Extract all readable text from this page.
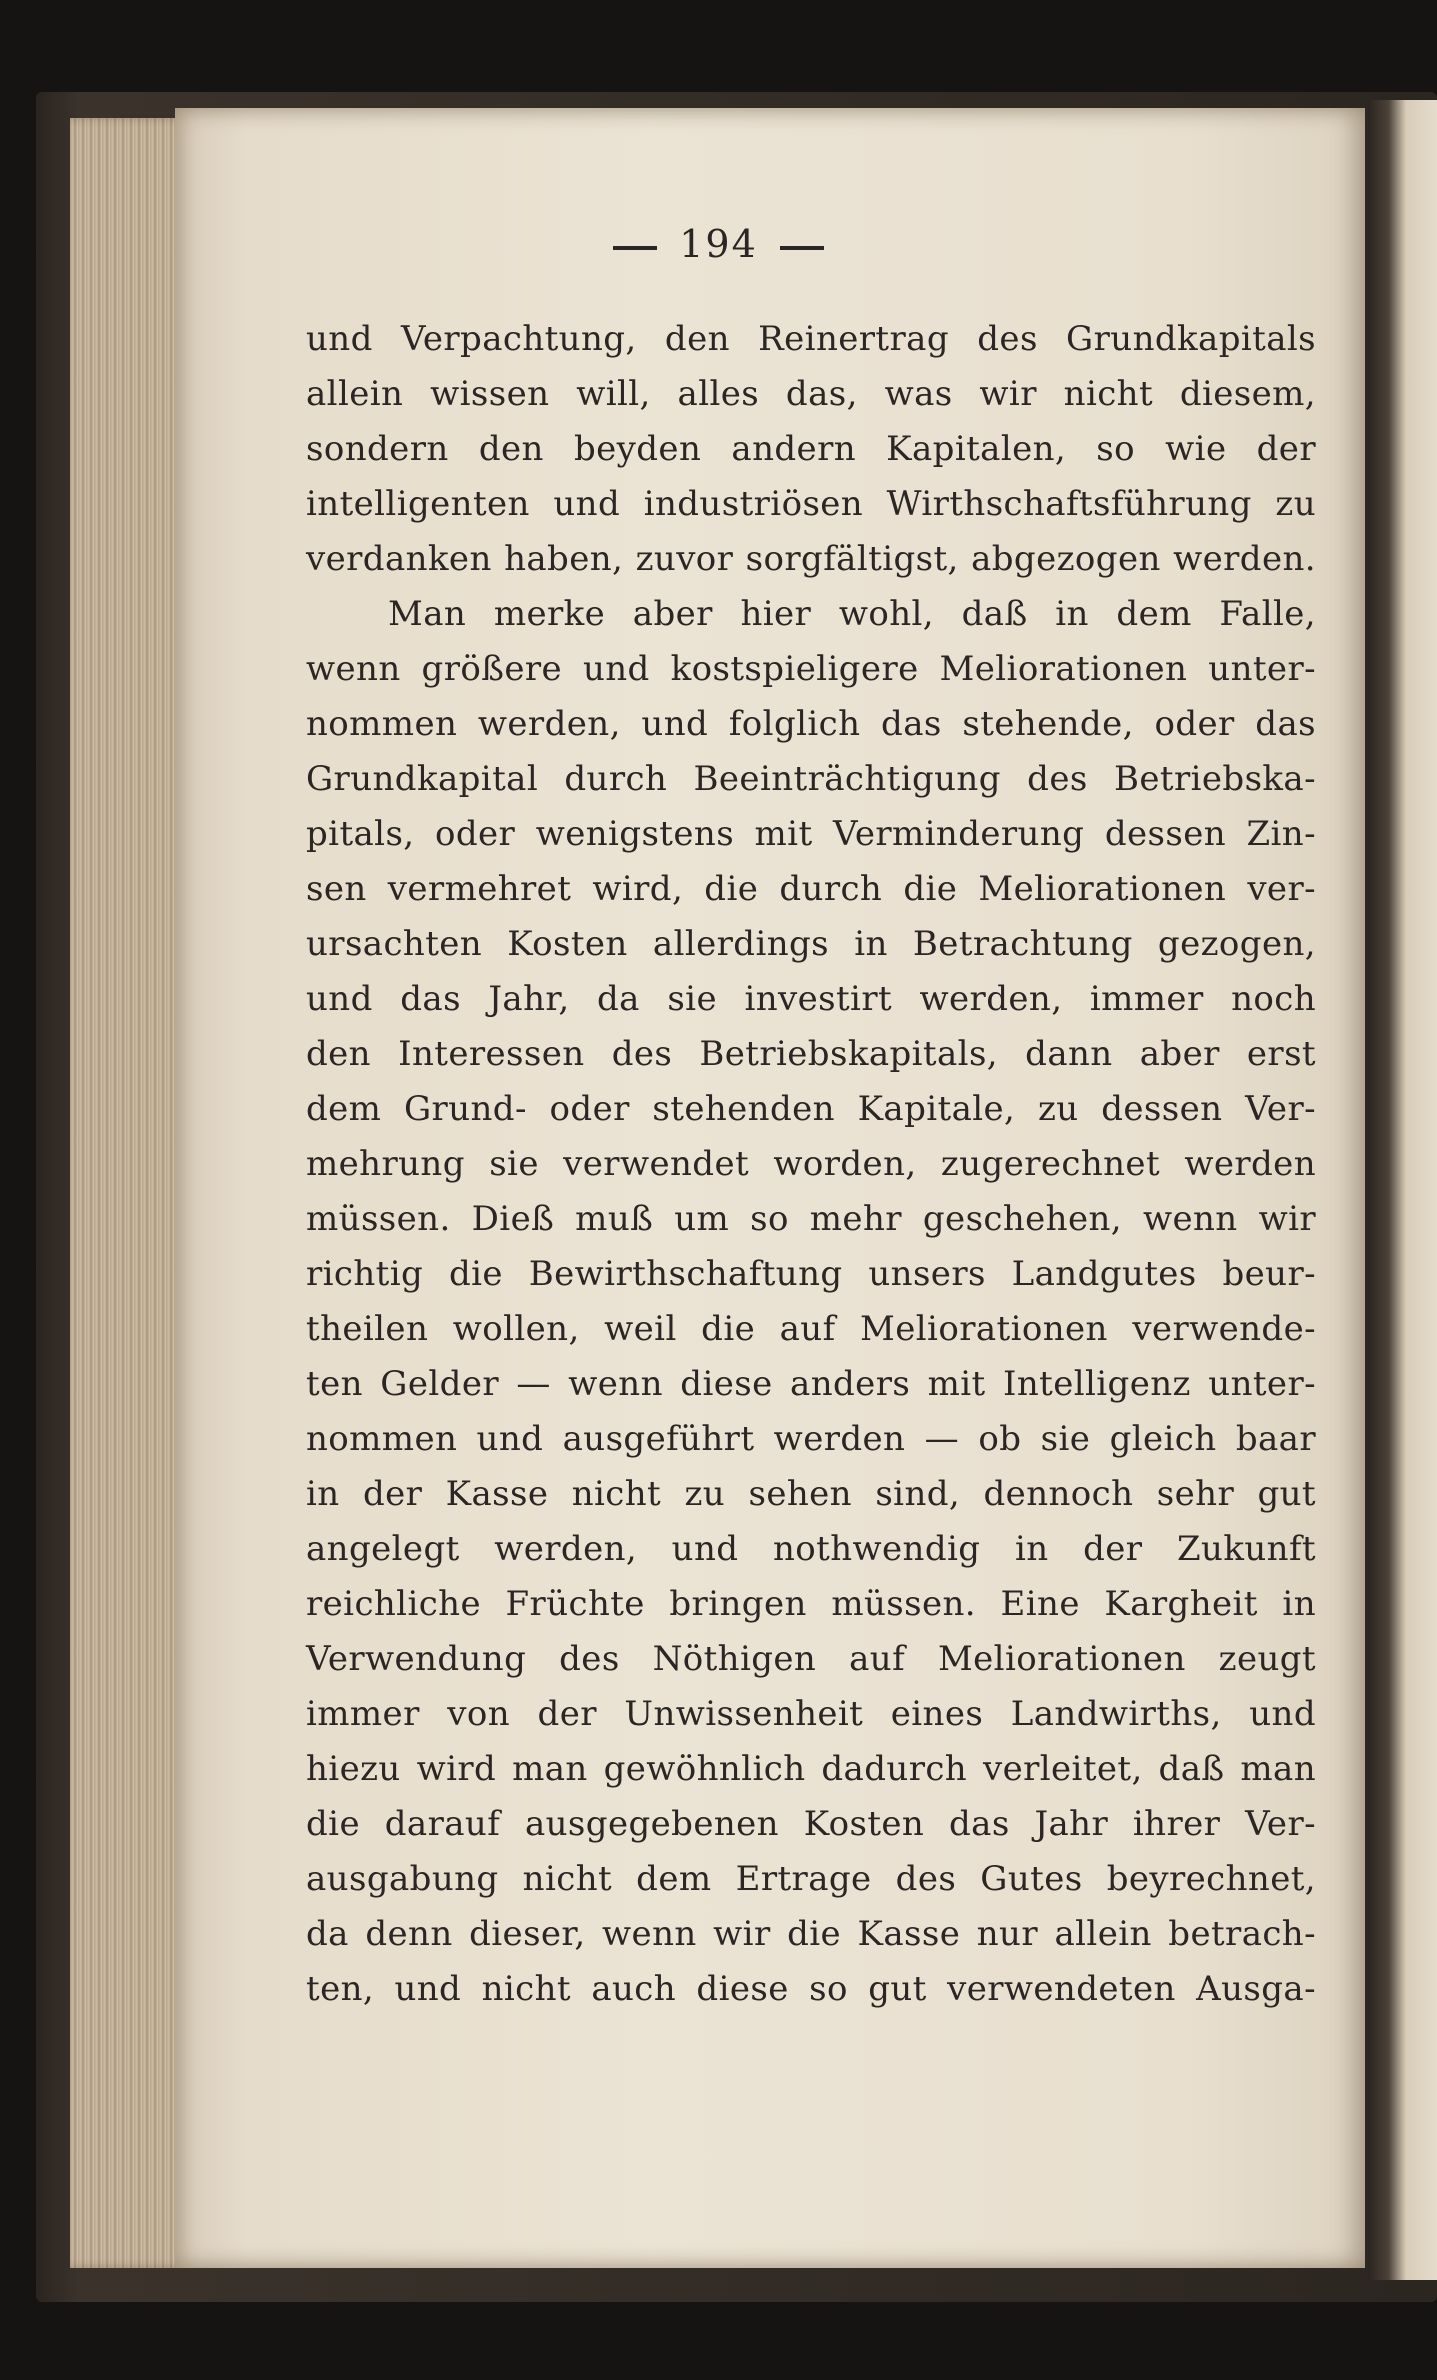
194
und Verpachtung, den Reinertrag des Grundkapitals
allein wissen will, alles das, was wir nicht diesem,
sondern den beyden andern Kapitalen, so wie der
intelligenten und industriösen Wirthschaftsführung zu
verdanken haben, zuvor sorgfältigst, abgezogen werden.
Man merke aber hier wohl, daß in dem Falle,
wenn größere und kostspieligere Meliorationen unter-
nommen werden, und folglich das stehende, oder das
Grundkapital durch Beeinträchtigung des Betriebska-
pitals, oder wenigstens mit Verminderung dessen Zin-
sen vermehret wird, die durch die Meliorationen ver-
ursachten Kosten allerdings in Betrachtung gezogen,
und das Jahr, da sie investirt werden, immer noch
den Interessen des Betriebskapitals, dann aber erst
dem Grund- oder stehenden Kapitale, zu dessen Ver-
mehrung sie verwendet worden, zugerechnet werden
müssen. Dieß muß um so mehr geschehen, wenn wir
richtig die Bewirthschaftung unsers Landgutes beur-
theilen wollen, weil die auf Meliorationen verwende-
ten Gelder — wenn diese anders mit Intelligenz unter-
nommen und ausgeführt werden — ob sie gleich baar
in der Kasse nicht zu sehen sind, dennoch sehr gut
angelegt werden, und nothwendig in der Zukunft
reichliche Früchte bringen müssen. Eine Kargheit in
Verwendung des Nöthigen auf Meliorationen zeugt
immer von der Unwissenheit eines Landwirths, und
hiezu wird man gewöhnlich dadurch verleitet, daß man
die darauf ausgegebenen Kosten das Jahr ihrer Ver-
ausgabung nicht dem Ertrage des Gutes beyrechnet,
da denn dieser, wenn wir die Kasse nur allein betrach-
ten, und nicht auch diese so gut verwendeten Ausga-
